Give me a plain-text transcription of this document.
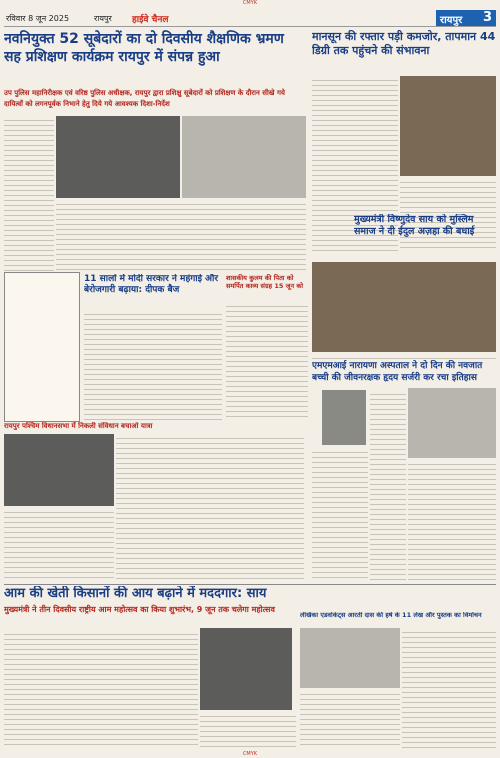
CMYK
रविवार 8 जून 2025	रायपुर हाईवे चैनल	रायपुर 3
नवनियुक्त 52 सूबेदारों का दो दिवसीय शैक्षणिक भ्रमण सह प्रशिक्षण कार्यक्रम रायपुर में संपन्न हुआ
उप पुलिस महानिरीक्षक एवं वरिष्ठ पुलिस अधीक्षक, रायपुर द्वारा प्रशिक्षु सूबेदारों को प्रशिक्षण के दौरान सीखे गये दायित्वों को लगनपूर्वक निभाने हेतु दिये गये आवश्यक दिशा-निर्देश
मानसून की रफ्तार पड़ी कमजोर, तापमान 44 डिग्री तक पहुंचने की संभावना
11 सालों में मोदी सरकार ने महंगाई और बेरोजगारी बढ़ाया: दीपक बैज
शासकीय कुलम की पिता को समर्पित काव्य संग्रह 15 जून को
मुख्यमंत्री विष्णुदेव साय को मुस्लिम समाज ने दी ईदुल अज़हा की बधाई
रायपुर पश्चिम विधानसभा में निकली संविधान बचाओ यात्रा
एमएमआई नारायणा अस्पताल ने दो दिन की नवजात बच्ची की जीवनरक्षक हृदय सर्जरी कर रचा इतिहास
आम की खेती किसानों की आय बढ़ाने में मददगार: साय
मुख्यमंत्री ने तीन दिवसीय राष्ट्रीय आम महोत्सव का किया शुभारंभ, 9 जून तक चलेगा महोत्सव
लेखिका एडवोकेट्स आरती दास की हर्ष के 11 लेख और पुस्तक का विमोचन
CMYK
